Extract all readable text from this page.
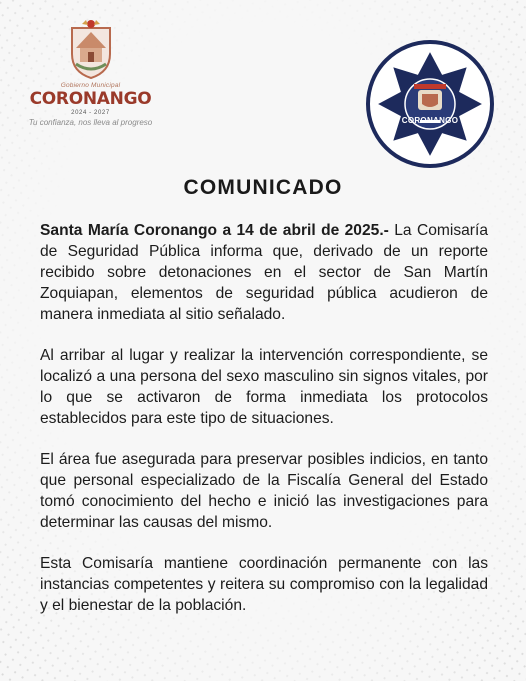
Gobierno Municipal
CORONANGO
2024 - 2027
Tu confianza, nos lleva al progreso	CORONANGO
COMUNICADO

Santa María Coronango a 14 de abril de 2025.- La Comisaría de Seguridad Pública informa que, derivado de un reporte recibido sobre detonaciones en el sector de San Martín Zoquiapan, elementos de seguridad pública acudieron de manera inmediata al sitio señalado.

Al arribar al lugar y realizar la intervención correspondiente, se localizó a una persona del sexo masculino sin signos vitales, por lo que se activaron de forma inmediata los protocolos establecidos para este tipo de situaciones.

El área fue asegurada para preservar posibles indicios, en tanto que personal especializado de la Fiscalía General del Estado tomó conocimiento del hecho e inició las investigaciones para determinar las causas del mismo.

Esta Comisaría mantiene coordinación permanente con las instancias competentes y reitera su compromiso con la legalidad y el bienestar de la población.
